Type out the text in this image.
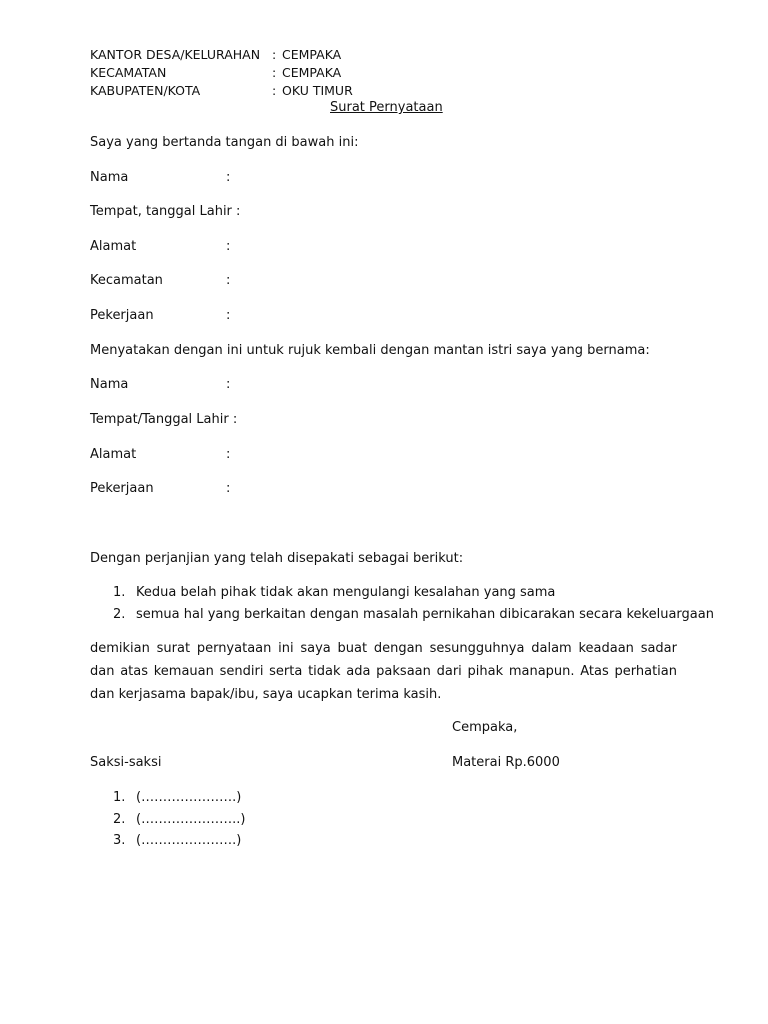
KANTOR DESA/KELURAHAN : CEMPAKA
KECAMATAN	: CEMPAKA
KABUPATEN/KOTA	: OKU TIMUR
Surat Pernyataan
Saya yang bertanda tangan di bawah ini:
Nama	:
Tempat, tanggal Lahir :
Alamat	:
Kecamatan	:
Pekerjaan	:
Menyatakan dengan ini untuk rujuk kembali dengan mantan istri saya yang bernama:
Nama	:
Tempat/Tanggal Lahir :
Alamat	:
Pekerjaan	:
Dengan perjanjian yang telah disepakati sebagai berikut:
1. Kedua belah pihak tidak akan mengulangi kesalahan yang sama
2. semua hal yang berkaitan dengan masalah pernikahan dibicarakan secara kekeluargaan
demikian surat pernyataan ini saya buat dengan sesungguhnya dalam keadaan sadar dan atas kemauan sendiri serta tidak ada paksaan dari pihak manapun. Atas perhatian dan kerjasama bapak/ibu, saya ucapkan terima kasih.
Cempaka,
Saksi-saksi	Materai Rp.6000
1. (………………….)
2. (…………………..)
3. (………………….)
